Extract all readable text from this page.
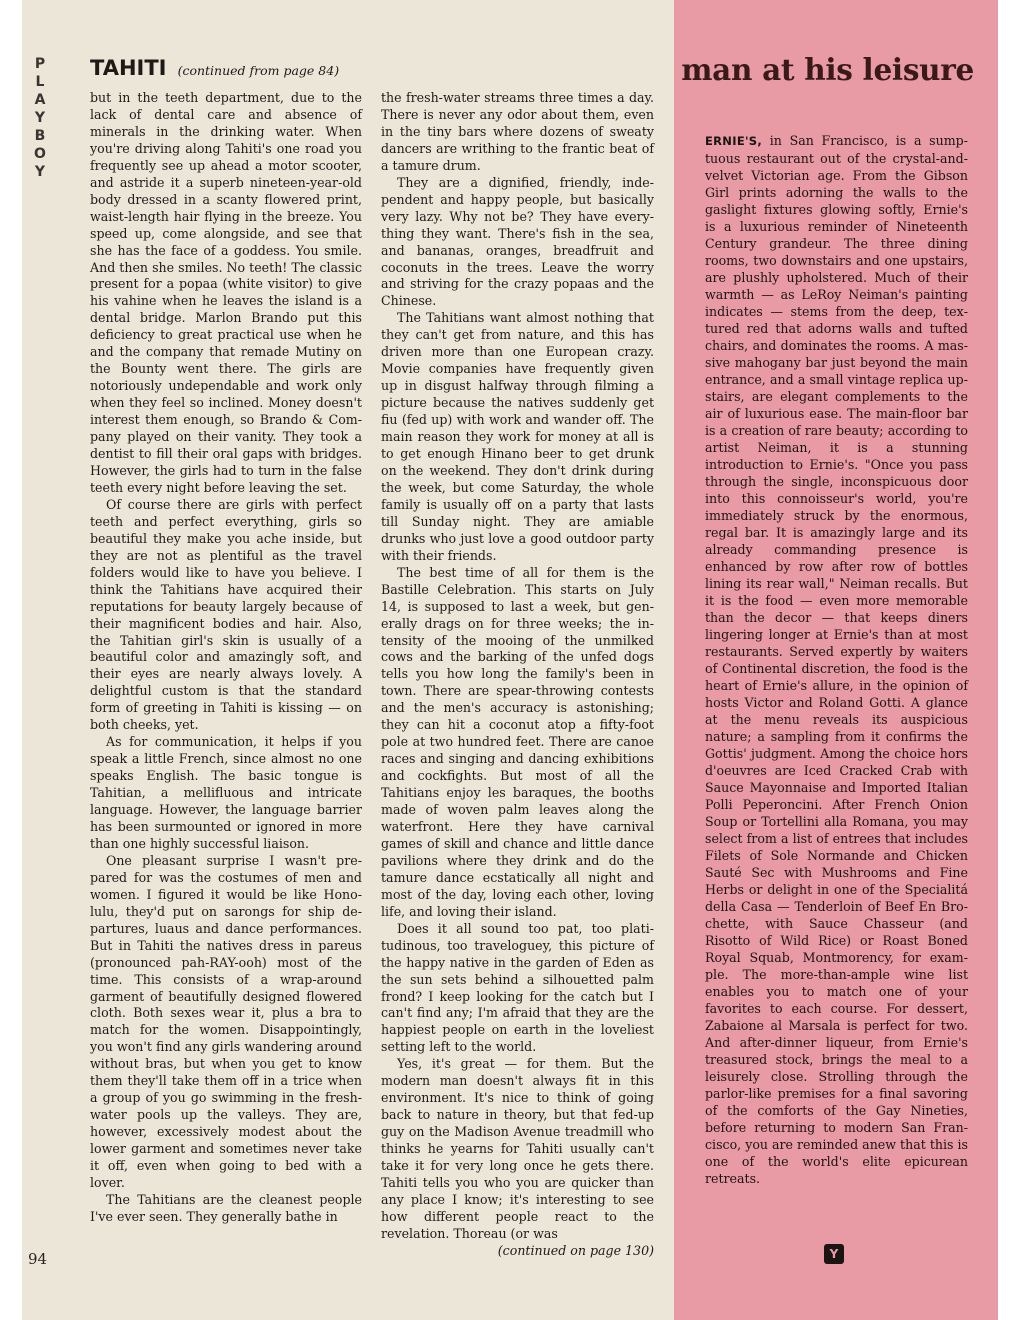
P
L
A
Y
B
O
Y
94
TAHITI (continued from page 84)

but in the teeth department, due to the lack of dental care and absence of minerals in the drinking water. When you're driving along Tahiti's one road you frequently see up ahead a motor scooter, and astride it a superb nineteen-year-old body dressed in a scanty flowered print, waist-length hair flying in the breeze. You speed up, come alongside, and see that she has the face of a goddess. You smile. And then she smiles. No teeth! The classic present for a popaa (white visitor) to give his vahine when he leaves the island is a dental bridge. Marlon Brando put this deficiency to great practical use when he and the company that remade Mutiny on the Bounty went there. The girls are notoriously undependable and work only when they feel so inclined. Money doesn't interest them enough, so Brando & Company played on their vanity. They took a dentist to fill their oral gaps with bridges. However, the girls had to turn in the false teeth every night before leaving the set.

Of course there are girls with perfect teeth and perfect everything, girls so beautiful they make you ache inside, but they are not as plentiful as the travel folders would like to have you believe. I think the Tahitians have acquired their reputations for beauty largely because of their magnificent bodies and hair. Also, the Tahitian girl's skin is usually of a beautiful color and amazingly soft, and their eyes are nearly always lovely. A delightful custom is that the standard form of greeting in Tahiti is kissing — on both cheeks, yet.

As for communication, it helps if you speak a little French, since almost no one speaks English. The basic tongue is Tahitian, a mellifluous and intricate language. However, the language barrier has been surmounted or ignored in more than one highly successful liaison.

One pleasant surprise I wasn't prepared for was the costumes of men and women. I figured it would be like Honolulu, they'd put on sarongs for ship departures, luaus and dance performances. But in Tahiti the natives dress in pareus (pronounced pah-RAY-ooh) most of the time. This consists of a wrap-around garment of beautifully designed flowered cloth. Both sexes wear it, plus a bra to match for the women. Disappointingly, you won't find any girls wandering around without bras, but when you get to know them they'll take them off in a trice when a group of you go swimming in the fresh-water pools up the valleys. They are, however, excessively modest about the lower garment and sometimes never take it off, even when going to bed with a lover.

The Tahitians are the cleanest people I've ever seen. They generally bathe in

the fresh-water streams three times a day. There is never any odor about them, even in the tiny bars where dozens of sweaty dancers are writhing to the frantic beat of a tamure drum.

They are a dignified, friendly, independent and happy people, but basically very lazy. Why not be? They have everything they want. There's fish in the sea, and bananas, oranges, breadfruit and coconuts in the trees. Leave the worry and striving for the crazy popaas and the Chinese.

The Tahitians want almost nothing that they can't get from nature, and this has driven more than one European crazy. Movie companies have frequently given up in disgust halfway through filming a picture because the natives suddenly get fiu (fed up) with work and wander off. The main reason they work for money at all is to get enough Hinano beer to get drunk on the weekend. They don't drink during the week, but come Saturday, the whole family is usually off on a party that lasts till Sunday night. They are amiable drunks who just love a good outdoor party with their friends.

The best time of all for them is the Bastille Celebration. This starts on July 14, is supposed to last a week, but generally drags on for three weeks; the intensity of the mooing of the unmilked cows and the barking of the unfed dogs tells you how long the family's been in town. There are spear-throwing contests and the men's accuracy is astonishing; they can hit a coconut atop a fifty-foot pole at two hundred feet. There are canoe races and singing and dancing exhibitions and cockfights. But most of all the Tahitians enjoy les baraques, the booths made of woven palm leaves along the waterfront. Here they have carnival games of skill and chance and little dance pavilions where they drink and do the tamure dance ecstatically all night and most of the day, loving each other, loving life, and loving their island.

Does it all sound too pat, too platitudinous, too traveloguey, this picture of the happy native in the garden of Eden as the sun sets behind a silhouetted palm frond? I keep looking for the catch but I can't find any; I'm afraid that they are the happiest people on earth in the loveliest setting left to the world.

Yes, it's great — for them. But the modern man doesn't always fit in this environment. It's nice to think of going back to nature in theory, but that fed-up guy on the Madison Avenue treadmill who thinks he yearns for Tahiti usually can't take it for very long once he gets there. Tahiti tells you who you are quicker than any place I know; it's interesting to see how different people react to the revelation. Thoreau (or was

(continued on page 130)
man at his leisure

ERNIE'S, in San Francisco, is a sumptuous restaurant out of the crystal-and-velvet Victorian age. From the Gibson Girl prints adorning the walls to the gaslight fixtures glowing softly, Ernie's is a luxurious reminder of Nineteenth Century grandeur. The three dining rooms, two downstairs and one upstairs, are plushly upholstered. Much of their warmth — as LeRoy Neiman's painting indicates — stems from the deep, textured red that adorns walls and tufted chairs, and dominates the rooms. A massive mahogany bar just beyond the main entrance, and a small vintage replica upstairs, are elegant complements to the air of luxurious ease. The main-floor bar is a creation of rare beauty; according to artist Neiman, it is a stunning introduction to Ernie's. "Once you pass through the single, inconspicuous door into this connoisseur's world, you're immediately struck by the enormous, regal bar. It is amazingly large and its already commanding presence is enhanced by row after row of bottles lining its rear wall," Neiman recalls. But it is the food — even more memorable than the decor — that keeps diners lingering longer at Ernie's than at most restaurants. Served expertly by waiters of Continental discretion, the food is the heart of Ernie's allure, in the opinion of hosts Victor and Roland Gotti. A glance at the menu reveals its auspicious nature; a sampling from it confirms the Gottis' judgment. Among the choice hors d'oeuvres are Iced Cracked Crab with Sauce Mayonnaise and Imported Italian Polli Peperoncini. After French Onion Soup or Tortellini alla Romana, you may select from a list of entrees that includes Filets of Sole Normande and Chicken Sauté Sec with Mushrooms and Fine Herbs or delight in one of the Specialitá della Casa — Tenderloin of Beef En Brochette, with Sauce Chasseur (and Risotto of Wild Rice) or Roast Boned Royal Squab, Montmorency, for example. The more-than-ample wine list enables you to match one of your favorites to each course. For dessert, Zabaione al Marsala is perfect for two. And after-dinner liqueur, from Ernie's treasured stock, brings the meal to a leisurely close. Strolling through the parlor-like premises for a final savoring of the comforts of the Gay Nineties, before returning to modern San Francisco, you are reminded anew that this is one of the world's elite epicurean retreats.

Y
